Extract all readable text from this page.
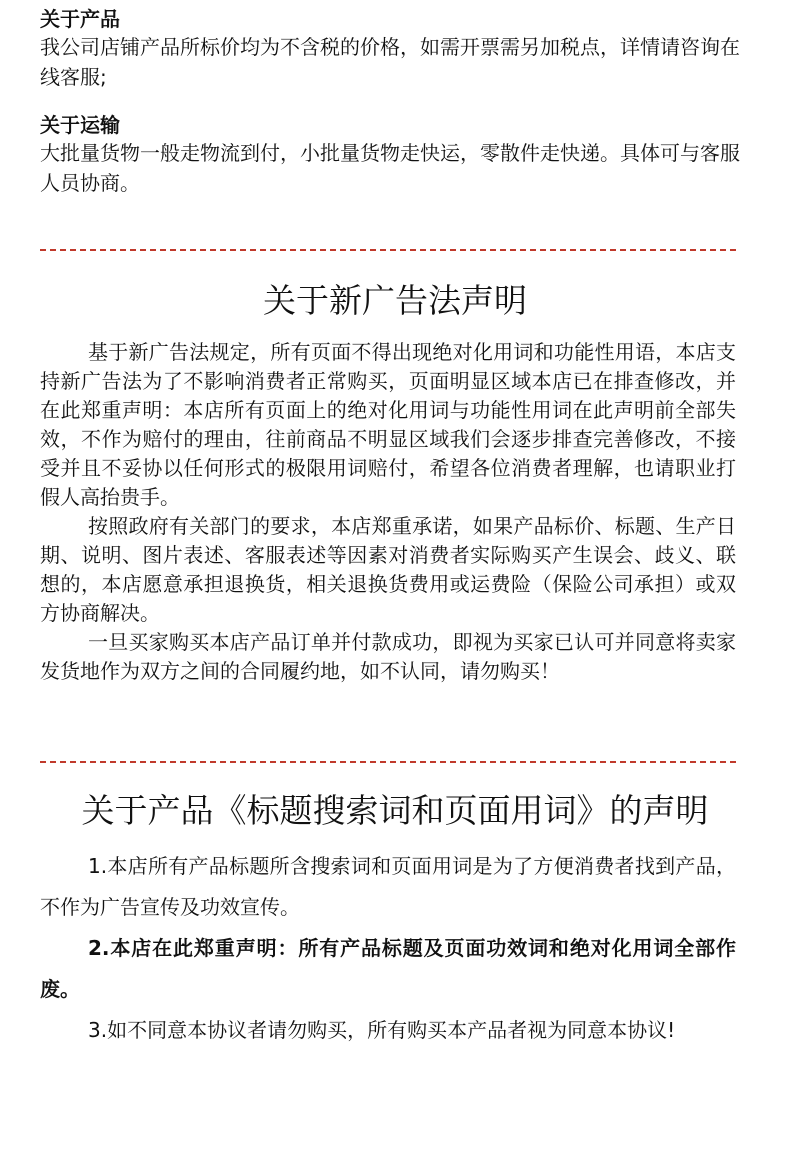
关于产品

我公司店铺产品所标价均为不含税的价格，如需开票需另加税点，详情请咨询在线客服;

关于运输

大批量货物一般走物流到付，小批量货物走快运，零散件走快递。具体可与客服人员协商。

关于新广告法声明

基于新广告法规定，所有页面不得出现绝对化用词和功能性用语，本店支持新广告法为了不影响消费者正常购买，页面明显区域本店已在排查修改，并在此郑重声明：本店所有页面上的绝对化用词与功能性用词在此声明前全部失效，不作为赔付的理由，往前商品不明显区域我们会逐步排查完善修改，不接受并且不妥协以任何形式的极限用词赔付，希望各位消费者理解，也请职业打假人高抬贵手。

按照政府有关部门的要求，本店郑重承诺，如果产品标价、标题、生产日期、说明、图片表述、客服表述等因素对消费者实际购买产生误会、歧义、联想的，本店愿意承担退换货，相关退换货费用或运费险（保险公司承担）或双方协商解决。

一旦买家购买本店产品订单并付款成功，即视为买家已认可并同意将卖家发货地作为双方之间的合同履约地，如不认同，请勿购买！

关于产品《标题搜索词和页面用词》的声明

1.本店所有产品标题所含搜索词和页面用词是为了方便消费者找到产品，不作为广告宣传及功效宣传。

2.本店在此郑重声明：所有产品标题及页面功效词和绝对化用词全部作废。

3.如不同意本协议者请勿购买，所有购买本产品者视为同意本协议!
